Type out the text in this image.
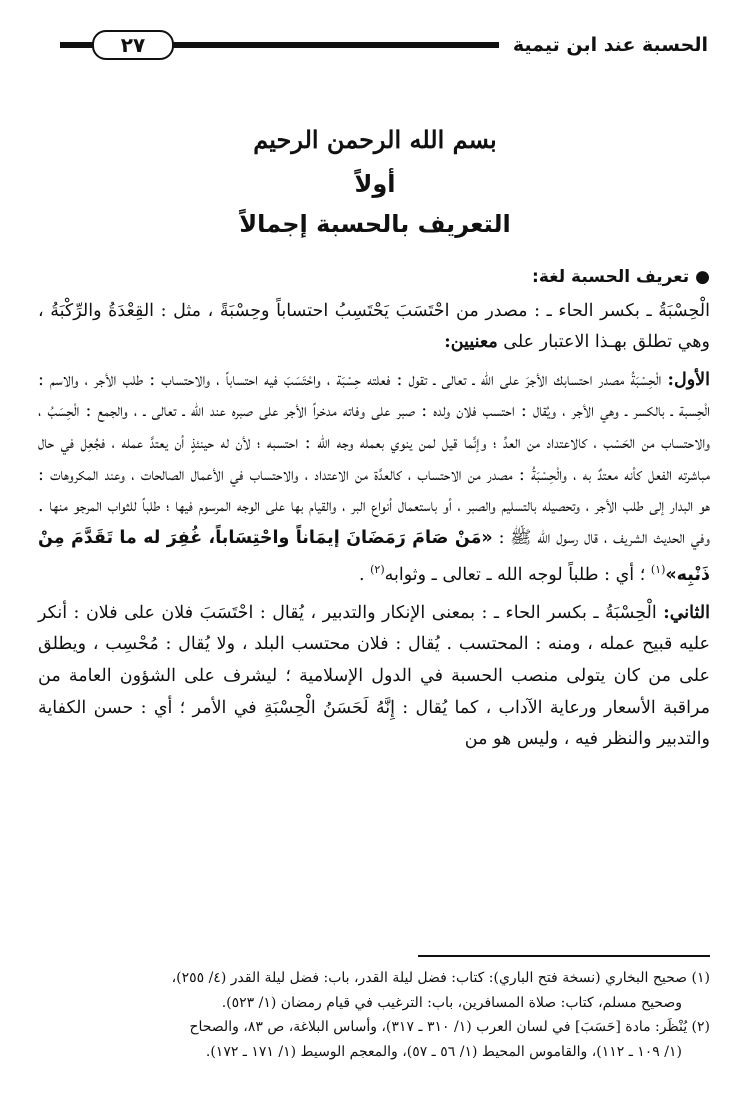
الحسبة عند ابن تيمية
٢٧
بسم الله الرحمن الرحيم
أولاً
التعريف بالحسبة إجمالاً

●تعريف الحسبة لغة:

الْحِسْبَةُ ـ بكسر الحاء ـ : مصدر من احْتَسَبَ يَحْتَسِبُ احتساباً وحِسْبَةً ، مثل : القِعْدَةُ والرِّكْبَةُ ، وهي تطلق بهـذا الاعتبار على معنيين:

الأول: الْحِسْبَةُ مصدر احتسابك الأجرَ على الله ـ تعالى ـ تقول : فعلته حِسْبَة ، واحْتَسَبَ فيه احتساباً ، والاحتساب : طلب الأجر ، والاسم : الْحِسبة ـ بالكسر ـ وهي الأجر ، ويُقال : احتسب فلان ولده : صبر على وفاته مدخراً الأجر على صبره عند الله ـ تعالى ـ ، والجمع : الْحِسَبُ ، والاحتساب من الحَسْب ، كالاعتداد من العدِّ ؛ وإنَّما قيل لمن ينوي بعمله وجه الله : احتسبه ؛ لأن له حينئذٍ أن يعتدَّ عمله ، فجُعِل في حال مباشرته الفعل كأنه معتدٌ به ، والْحِسْبَةُ : مصدر من الاحتساب ، كالعدَّة من الاعتداد ، والاحتساب في الأعمال الصالحات ، وعند المكروهات : هو البدار إلى طلب الأجر ، وتحصيله بالتسليم والصبر ، أو باستعمال أنواع البر ، والقيام بها على الوجه المرسوم فيها ؛ طلباً للثواب المرجو منها . وفي الحديث الشريف ، قال رسول الله ﷺ : «مَنْ صَامَ رَمَضَانَ إيمَاناً واحْتِسَاباً، غُفِرَ له ما تَقَدَّمَ مِنْ ذَنْبِه»$^{(١)}$ ؛ أي : طلباً لوجه الله ـ تعالى ـ وثوابه$^{(٢)}$ .

الثاني: الْحِسْبَةُ ـ بكسر الحاء ـ : بمعنى الإنكار والتدبير ، يُقال : احْتَسَبَ فلان على فلان : أنكر عليه قبيح عمله ، ومنه : المحتسب . يُقال : فلان محتسب البلد ، ولا يُقال : مُحْسِب ، ويطلق على من كان يتولى منصب الحسبة في الدول الإسلامية ؛ ليشرف على الشؤون العامة من مراقبة الأسعار ورعاية الآداب ، كما يُقال : إِنَّهُ لَحَسَنُ الْحِسْبَةِ في الأمر ؛ أي : حسن الكفاية والتدبير والنظر فيه ، وليس هو من

(١) صحيح البخاري (نسخة فتح الباري): كتاب: فضل ليلة القدر، باب: فضل ليلة القدر (٤/ ٢٥٥)،

وصحيح مسلم، كتاب: صلاة المسافرين، باب: الترغيب في قيام رمضان (١/ ٥٢٣).

(٢) يُنْظَر: مادة [حَسَبَ] في لسان العرب (١/ ٣١٠ ـ ٣١٧)، وأساس البلاغة، ص ٨٣، والصحاح

(١/ ١٠٩ ـ ١١٢)، والقاموس المحيط (١/ ٥٦ ـ ٥٧)، والمعجم الوسيط (١/ ١٧١ ـ ١٧٢).
